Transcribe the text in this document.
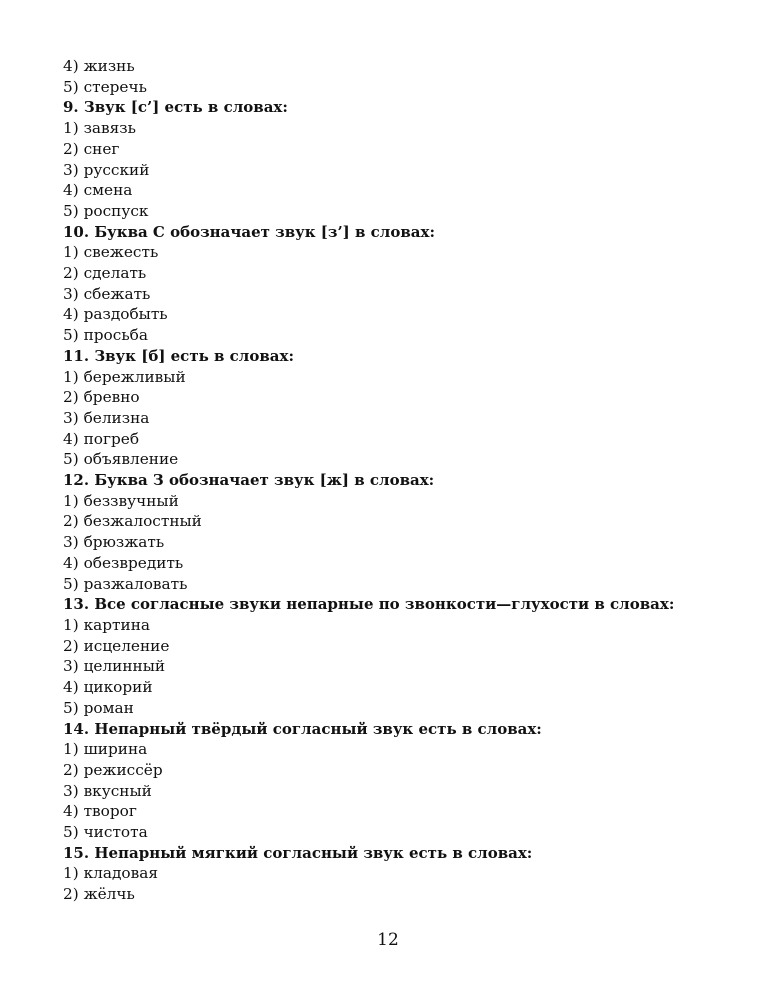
4) жизнь
5) стеречь
9. Звук [с’] есть в словах:
1) завязь
2) снег
3) русский
4) смена
5) роспуск
10. Буква С обозначает звук [з’] в словах:
1) свежесть
2) сделать
3) сбежать
4) раздобыть
5) просьба
11. Звук [б] есть в словах:
1) бережливый
2) бревно
3) белизна
4) погреб
5) объявление
12. Буква З обозначает звук [ж] в словах:
1) беззвучный
2) безжалостный
3) брюзжать
4) обезвредить
5) разжаловать
13. Все согласные звуки непарные по звонкости—глухости в словах:
1) картина
2) исцеление
3) целинный
4) цикорий
5) роман
14. Непарный твёрдый согласный звук есть в словах:
1) ширина
2) режиссёр
3) вкусный
4) творог
5) чистота
15. Непарный мягкий согласный звук есть в словах:
1) кладовая
2) жёлчь
12
